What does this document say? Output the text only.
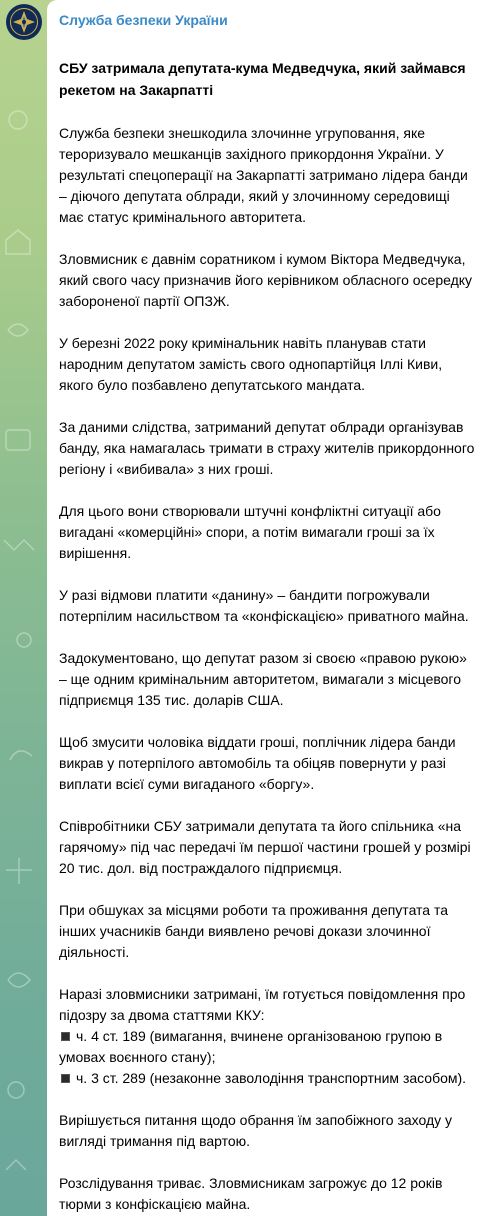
Служба безпеки України
СБУ затримала депутата-кума Медведчука, який займався рекетом на Закарпатті
Служба безпеки знешкодила злочинне угруповання, яке тероризувало мешканців західного прикордоння України. У результаті спецоперації на Закарпатті затримано лідера банди – діючого депутата облради, який у злочинному середовищі має статус кримінального авторитета.
Зловмисник є давнім соратником і кумом Віктора Медведчука, який свого часу призначив його керівником обласного осередку забороненої партії ОПЗЖ.
У березні 2022 року кримінальник навіть планував стати народним депутатом замість свого однопартійця Іллі Киви, якого було позбавлено депутатського мандата.
За даними слідства, затриманий депутат облради організував банду, яка намагалась тримати в страху жителів прикордонного регіону і «вибивала» з них гроші.
Для цього вони створювали штучні конфліктні ситуації або вигадані «комерційні» спори, а потім вимагали гроші за їх вирішення.
У разі відмови платити «данину» – бандити погрожували потерпілим насильством та «конфіскацією» приватного майна.
Задокументовано, що депутат разом зі своєю «правою рукою» – ще одним кримінальним авторитетом, вимагали з місцевого підприємця 135 тис. доларів США.
Щоб змусити чоловіка віддати гроші, поплічник лідера банди викрав у потерпілого автомобіль та обіцяв повернути у разі виплати всієї суми вигаданого «боргу».
Співробітники СБУ затримали депутата та його спільника «на гарячому» під час передачі їм першої частини грошей у розмірі 20 тис. дол. від постраждалого підприємця.
При обшуках за місцями роботи та проживання депутата та інших учасників банди виявлено речові докази злочинної діяльності.
Наразі зловмисники затримані, їм готується повідомлення про підозру за двома статтями ККУ:
ч. 4 ст. 189 (вимагання, вчинене організованою групою в умовах воєнного стану);
ч. 3 ст. 289 (незаконне заволодіння транспортним засобом).
Вирішується питання щодо обрання їм запобіжного заходу у вигляді тримання під вартою.
Розслідування триває. Зловмисникам загрожує до 12 років тюрми з конфіскацією майна.
